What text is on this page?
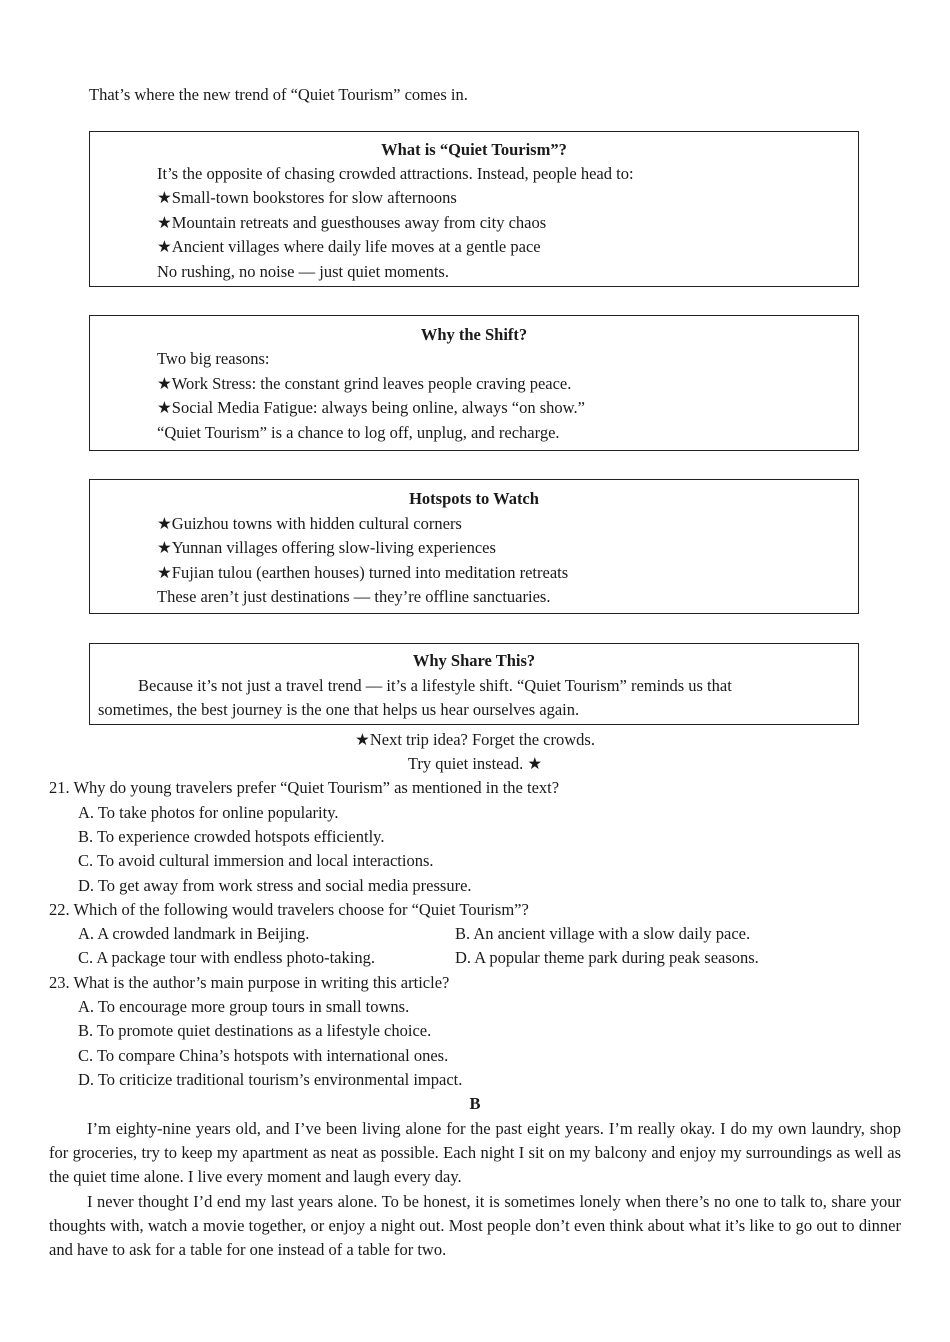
That’s where the new trend of “Quiet Tourism” comes in.
What is “Quiet Tourism”?
It’s the opposite of chasing crowded attractions. Instead, people head to:
★Small-town bookstores for slow afternoons
★Mountain retreats and guesthouses away from city chaos
★Ancient villages where daily life moves at a gentle pace
No rushing, no noise — just quiet moments.
Why the Shift?
Two big reasons:
★Work Stress: the constant grind leaves people craving peace.
★Social Media Fatigue: always being online, always “on show.”
“Quiet Tourism” is a chance to log off, unplug, and recharge.
Hotspots to Watch
★Guizhou towns with hidden cultural corners
★Yunnan villages offering slow-living experiences
★Fujian tulou (earthen houses) turned into meditation retreats
These aren’t just destinations — they’re offline sanctuaries.
Why Share This?
Because it’s not just a travel trend — it’s a lifestyle shift. “Quiet Tourism” reminds us that
sometimes, the best journey is the one that helps us hear ourselves again.
★Next trip idea? Forget the crowds.
Try quiet instead. ★
21. Why do young travelers prefer “Quiet Tourism” as mentioned in the text?
A. To take photos for online popularity.
B. To experience crowded hotspots efficiently.
C. To avoid cultural immersion and local interactions.
D. To get away from work stress and social media pressure.
22. Which of the following would travelers choose for “Quiet Tourism”?
A. A crowded landmark in Beijing.	B. An ancient village with a slow daily pace.
C. A package tour with endless photo-taking.	D. A popular theme park during peak seasons.
23. What is the author’s main purpose in writing this article?
A. To encourage more group tours in small towns.
B. To promote quiet destinations as a lifestyle choice.
C. To compare China’s hotspots with international ones.
D. To criticize traditional tourism’s environmental impact.
B
I’m eighty-nine years old, and I’ve been living alone for the past eight years. I’m really okay. I do my own laundry, shop for groceries, try to keep my apartment as neat as possible. Each night I sit on my balcony and enjoy my surroundings as well as the quiet time alone. I live every moment and laugh every day.
I never thought I’d end my last years alone. To be honest, it is sometimes lonely when there’s no one to talk to, share your thoughts with, watch a movie together, or enjoy a night out. Most people don’t even think about what it’s like to go out to dinner and have to ask for a table for one instead of a table for two.
